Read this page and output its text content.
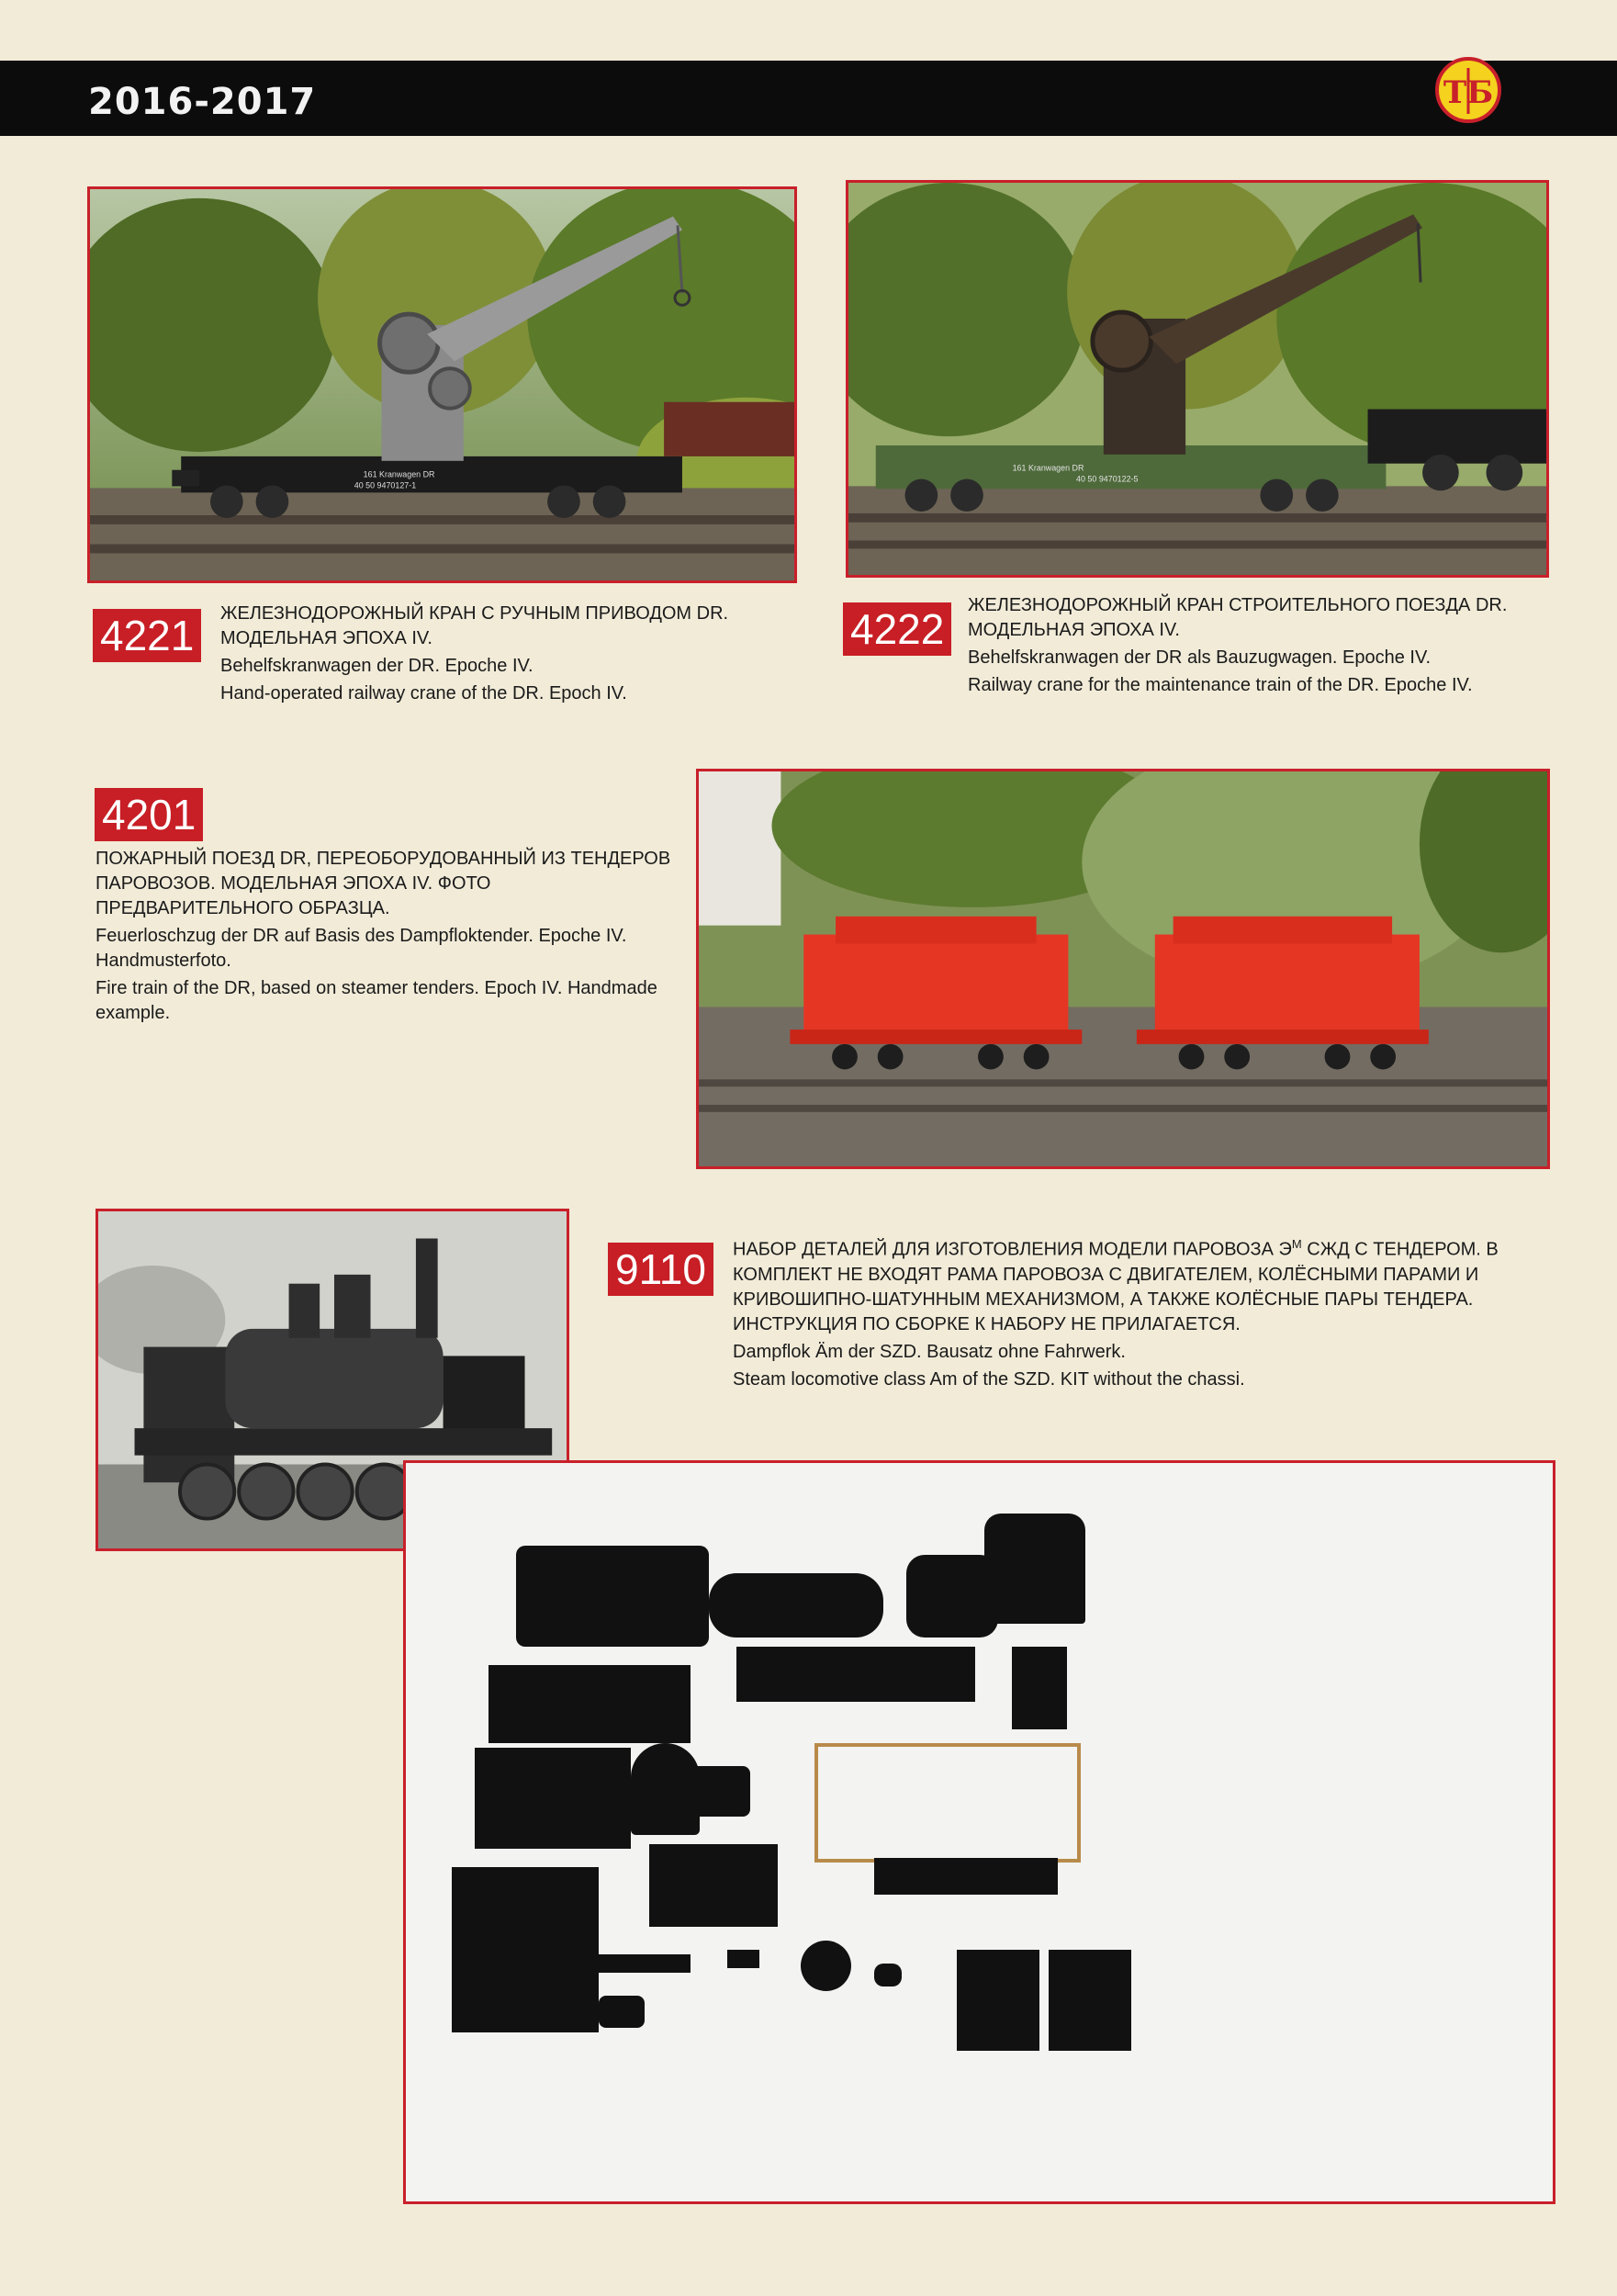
2016-2017	ТБ
161 Kranwagen DR
40 50 9470127-1
161 Kranwagen DR
40 50 9470122-5
4221	ЖЕЛЕЗНОДОРОЖНЫЙ КРАН С РУЧНЫМ ПРИВОДОМ DR. МОДЕЛЬНАЯ ЭПОХА IV.

Behelfskranwagen der DR. Epoche IV.

Hand-operated railway crane of the DR. Epoch IV.

4222	ЖЕЛЕЗНОДОРОЖНЫЙ КРАН СТРОИТЕЛЬНОГО ПОЕЗДА DR. МОДЕЛЬНАЯ ЭПОХА IV.

Behelfskranwagen der DR als Bauzugwagen. Epoche IV.

Railway crane for the maintenance train of the DR. Epoche IV.

4201

ПОЖАРНЫЙ ПОЕЗД DR, ПЕРЕОБОРУДОВАННЫЙ ИЗ ТЕНДЕРОВ ПАРОВОЗОВ. МОДЕЛЬНАЯ ЭПОХА IV. ФОТО ПРЕДВАРИТЕЛЬНОГО ОБРАЗЦА.

Feuerloschzug der DR auf Basis des Dampfloktender. Epoche IV. Handmusterfoto.

Fire train of the DR, based on steamer tenders. Epoch IV. Handmade example.

9110	НАБОР ДЕТАЛЕЙ ДЛЯ ИЗГОТОВЛЕНИЯ МОДЕЛИ ПАРОВОЗА $Э^М$ СЖД С ТЕНДЕРОМ. В КОМПЛЕКТ НЕ ВХОДЯТ РАМА ПАРОВОЗА С ДВИГАТЕЛЕМ, КОЛЁСНЫМИ ПАРАМИ И КРИВОШИПНО-ШАТУННЫМ МЕХАНИЗМОМ, А ТАКЖЕ КОЛЁСНЫЕ ПАРЫ ТЕНДЕРА. ИНСТРУКЦИЯ ПО СБОРКЕ К НАБОРУ НЕ ПРИЛАГАЕТСЯ.

Dampflok Äm der SZD. Bausatz ohne Fahrwerk.

Steam locomotive class Am of the SZD. KIT without the chassi.
